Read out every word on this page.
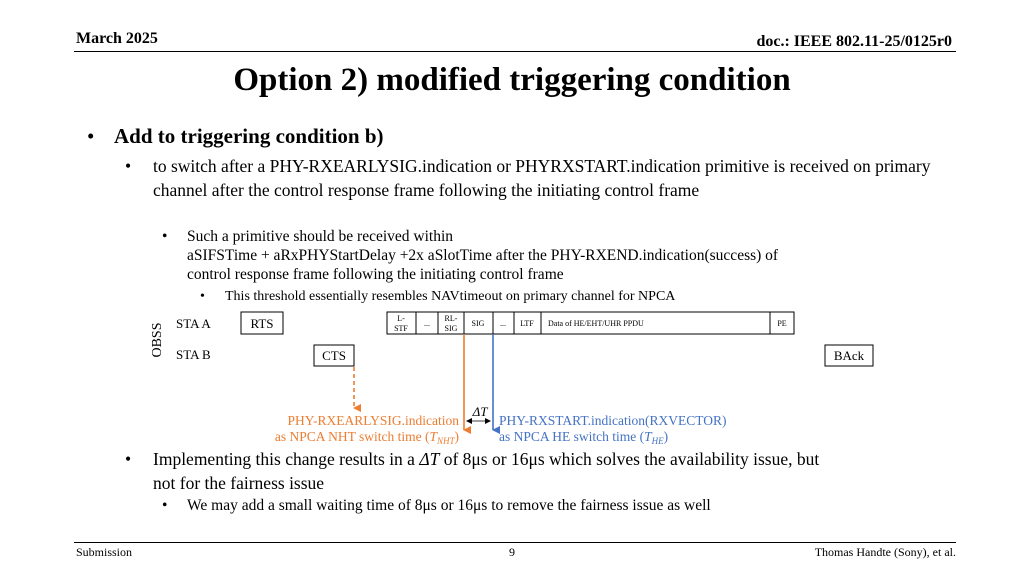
March 2025	doc.: IEEE 802.11-25/0125r0
Option 2) modified triggering condition
• Add to triggering condition b)
• to switch after a PHY-RXEARLYSIG.indication or PHYRXSTART.indication primitive is received on primary channel after the control response frame following the initiating control frame
• Such a primitive should be received within
aSIFSTime + aRxPHYStartDelay +2x aSlotTime after the PHY-RXEND.indication(success) of
control response frame following the initiating control frame
• This threshold essentially resembles NAVtimeout on primary channel for NPCA
OBSS STA A
STA B
RTS	L-
STF
...
RL-
SIG
SIG ... LTF Data of HE/EHT/UHR PPDU	PE
CTS	BAck
ΔT
PHY-RXEARLYSIG.indication
as NPCA NHT switch time $(T_{NHT})$
PHY-RXSTART.indication(RXVECTOR)
as NPCA HE switch time $(T_{HE})$
• Implementing this change results in a ΔT of 8μs or 16μs which solves the availability issue, but
not for the fairness issue
• We may add a small waiting time of 8μs or 16μs to remove the fairness issue as well
Submission	9	Thomas Handte (Sony), et al.
